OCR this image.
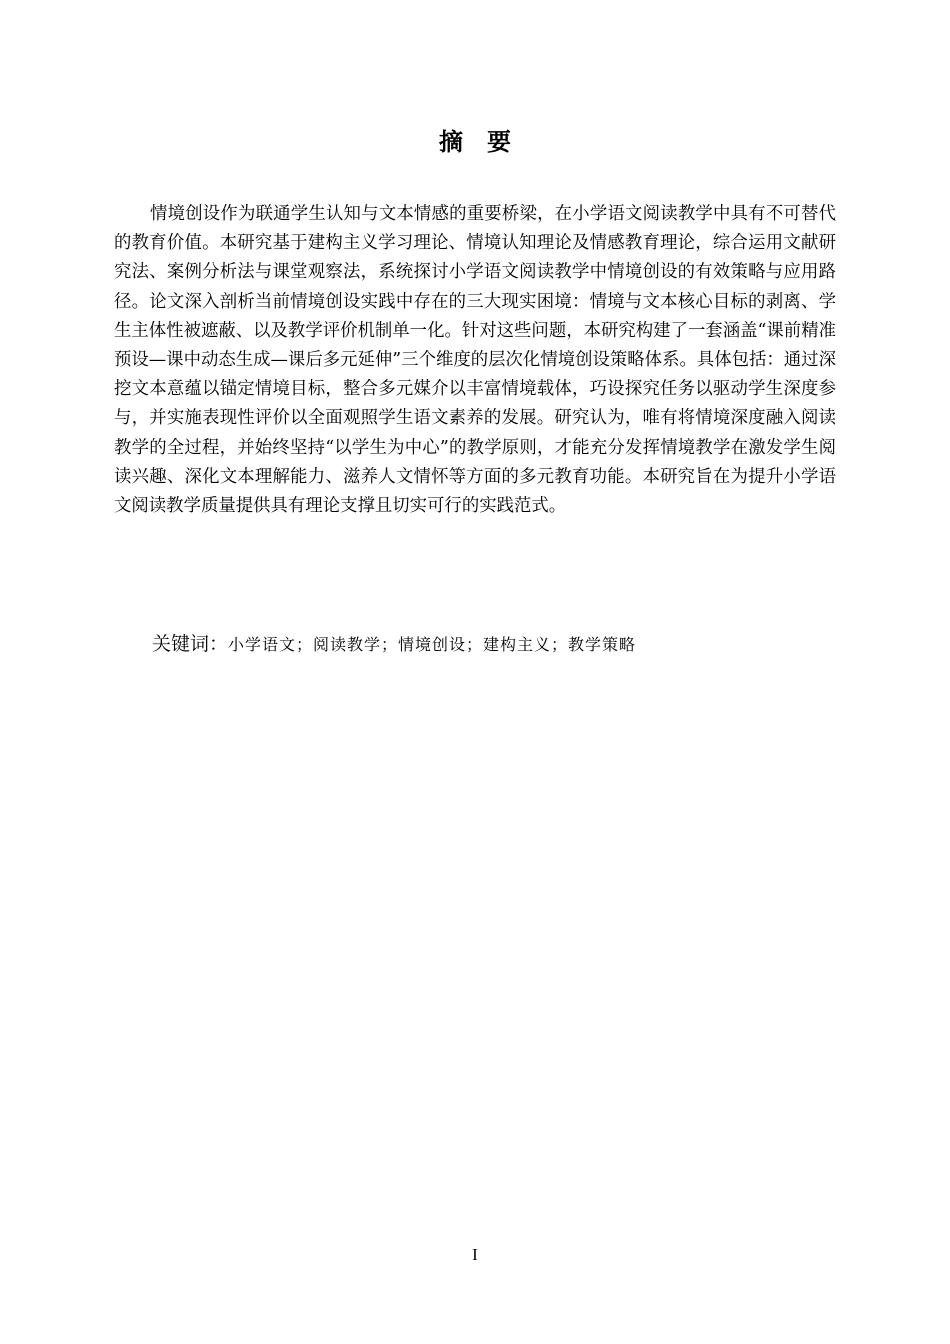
摘　要

情境创设作为联通学生认知与文本情感的重要桥梁，在小学语文阅读教学中具有不可替代的教育价值。本研究基于建构主义学习理论、情境认知理论及情感教育理论，综合运用文献研究法、案例分析法与课堂观察法，系统探讨小学语文阅读教学中情境创设的有效策略与应用路径。论文深入剖析当前情境创设实践中存在的三大现实困境：情境与文本核心目标的剥离、学生主体性被遮蔽、以及教学评价机制单一化。针对这些问题，本研究构建了一套涵盖“课前精准预设—课中动态生成—课后多元延伸”三个维度的层次化情境创设策略体系。具体包括：通过深挖文本意蕴以锚定情境目标，整合多元媒介以丰富情境载体，巧设探究任务以驱动学生深度参与，并实施表现性评价以全面观照学生语文素养的发展。研究认为，唯有将情境深度融入阅读教学的全过程，并始终坚持“以学生为中心”的教学原则，才能充分发挥情境教学在激发学生阅读兴趣、深化文本理解能力、滋养人文情怀等方面的多元教育功能。本研究旨在为提升小学语文阅读教学质量提供具有理论支撑且切实可行的实践范式。

关键词：小学语文；阅读教学；情境创设；建构主义；教学策略
I
